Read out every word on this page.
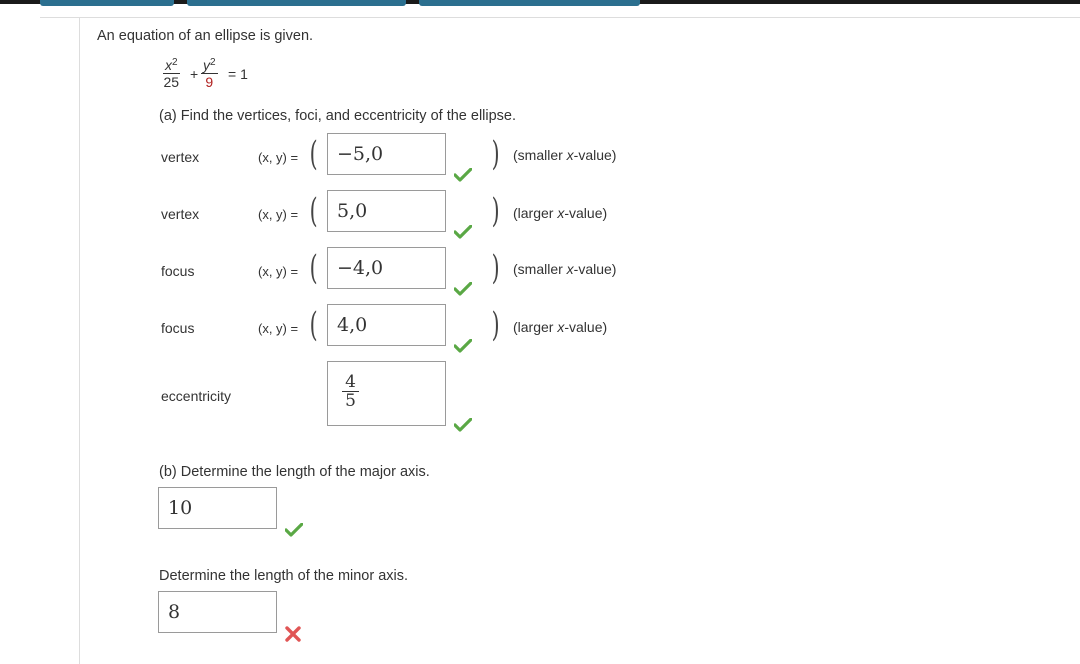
An equation of an ellipse is given.
$\frac{x^2}{25} + \frac{y^2}{9} = 1$
(a) Find the vertices, foci, and eccentricity of the ellipse.
vertex	(x, y) = (	−5,0	) (smaller x-value)
vertex	(x, y) = (	5,0	) (larger x-value)
focus	(x, y) = (	−4,0	) (smaller x-value)
focus	(x, y) = (	4,0	) (larger x-value)
eccentricity
4
5
(b) Determine the length of the major axis.
10
Determine the length of the minor axis.
8
